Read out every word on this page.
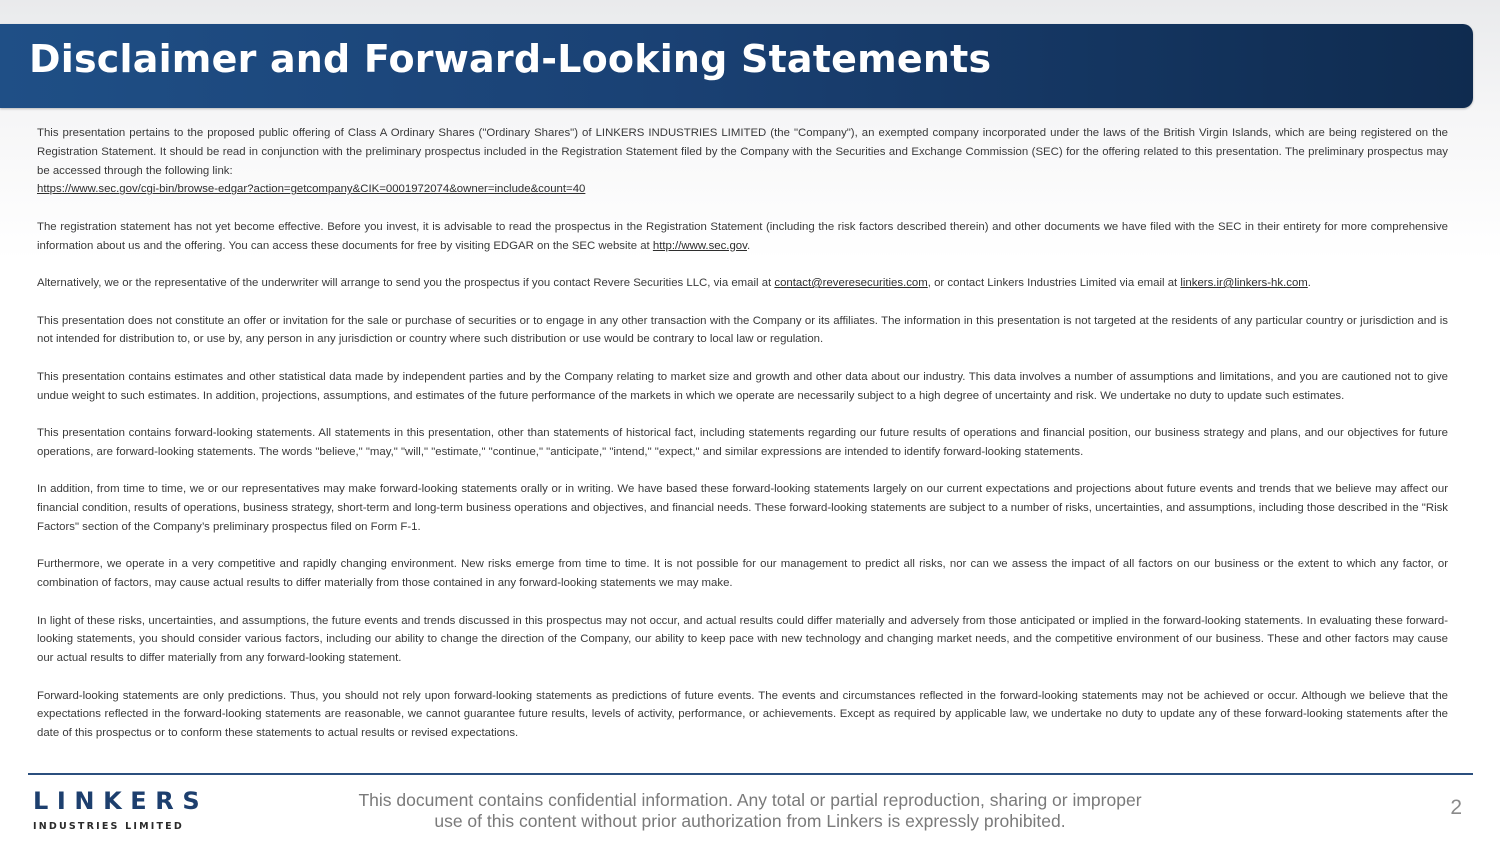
Disclaimer and Forward-Looking Statements

This presentation pertains to the proposed public offering of Class A Ordinary Shares ("Ordinary Shares") of LINKERS INDUSTRIES LIMITED (the "Company"), an exempted company incorporated under the laws of the British Virgin Islands, which are being registered on the Registration Statement. It should be read in conjunction with the preliminary prospectus included in the Registration Statement filed by the Company with the Securities and Exchange Commission (SEC) for the offering related to this presentation. The preliminary prospectus may be accessed through the following link:

https://www.sec.gov/cgi-bin/browse-edgar?action=getcompany&CIK=0001972074&owner=include&count=40

The registration statement has not yet become effective. Before you invest, it is advisable to read the prospectus in the Registration Statement (including the risk factors described therein) and other documents we have filed with the SEC in their entirety for more comprehensive information about us and the offering. You can access these documents for free by visiting EDGAR on the SEC website at http://www.sec.gov.

Alternatively, we or the representative of the underwriter will arrange to send you the prospectus if you contact Revere Securities LLC, via email at contact@reveresecurities.com, or contact Linkers Industries Limited via email at linkers.ir@linkers-hk.com.

This presentation does not constitute an offer or invitation for the sale or purchase of securities or to engage in any other transaction with the Company or its affiliates. The information in this presentation is not targeted at the residents of any particular country or jurisdiction and is not intended for distribution to, or use by, any person in any jurisdiction or country where such distribution or use would be contrary to local law or regulation.

This presentation contains estimates and other statistical data made by independent parties and by the Company relating to market size and growth and other data about our industry. This data involves a number of assumptions and limitations, and you are cautioned not to give undue weight to such estimates. In addition, projections, assumptions, and estimates of the future performance of the markets in which we operate are necessarily subject to a high degree of uncertainty and risk. We undertake no duty to update such estimates.

This presentation contains forward-looking statements. All statements in this presentation, other than statements of historical fact, including statements regarding our future results of operations and financial position, our business strategy and plans, and our objectives for future operations, are forward-looking statements. The words "believe," "may," "will," "estimate," "continue," "anticipate," "intend," "expect," and similar expressions are intended to identify forward-looking statements.

In addition, from time to time, we or our representatives may make forward-looking statements orally or in writing. We have based these forward-looking statements largely on our current expectations and projections about future events and trends that we believe may affect our financial condition, results of operations, business strategy, short-term and long-term business operations and objectives, and financial needs. These forward-looking statements are subject to a number of risks, uncertainties, and assumptions, including those described in the "Risk Factors" section of the Company’s preliminary prospectus filed on Form F-1.

Furthermore, we operate in a very competitive and rapidly changing environment. New risks emerge from time to time. It is not possible for our management to predict all risks, nor can we assess the impact of all factors on our business or the extent to which any factor, or combination of factors, may cause actual results to differ materially from those contained in any forward-looking statements we may make.

In light of these risks, uncertainties, and assumptions, the future events and trends discussed in this prospectus may not occur, and actual results could differ materially and adversely from those anticipated or implied in the forward-looking statements. In evaluating these forward-looking statements, you should consider various factors, including our ability to change the direction of the Company, our ability to keep pace with new technology and changing market needs, and the competitive environment of our business. These and other factors may cause our actual results to differ materially from any forward-looking statement.

Forward-looking statements are only predictions. Thus, you should not rely upon forward-looking statements as predictions of future events. The events and circumstances reflected in the forward-looking statements may not be achieved or occur. Although we believe that the expectations reflected in the forward-looking statements are reasonable, we cannot guarantee future results, levels of activity, performance, or achievements. Except as required by applicable law, we undertake no duty to update any of these forward-looking statements after the date of this prospectus or to conform these statements to actual results or revised expectations.

LINKERS
INDUSTRIES LIMITED
This document contains confidential information. Any total or partial reproduction, sharing or improper
use of this content without prior authorization from Linkers is expressly prohibited.
2
